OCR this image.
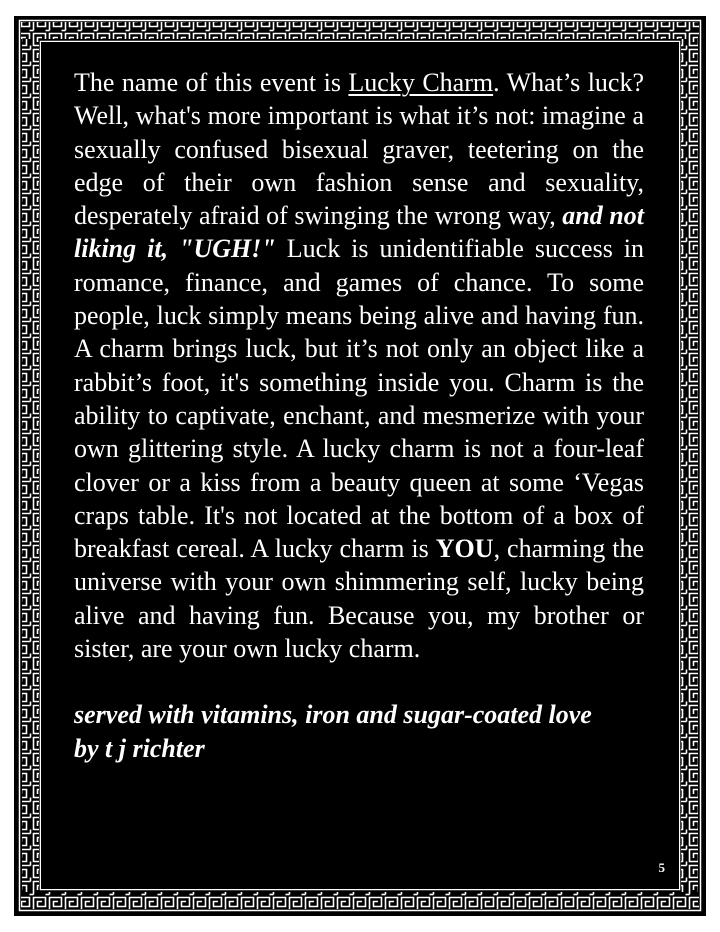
The name of this event is Lucky Charm. What’s luck? Well, what's more important is what it’s not: imagine a sexually confused bisexual graver, teetering on the edge of their own fashion sense and sexuality, desperately afraid of swinging the wrong way, and not liking it, "UGH!" Luck is unidentifiable success in romance, finance, and games of chance. To some people, luck simply means being alive and having fun. A charm brings luck, but it’s not only an object like a rabbit’s foot, it's something inside you. Charm is the ability to captivate, enchant, and mesmerize with your own glittering style. A lucky charm is not a four-leaf clover or a kiss from a beauty queen at some ‘Vegas craps table. It's not located at the bottom of a box of breakfast cereal. A lucky charm is YOU, charming the universe with your own shimmering self, lucky being alive and having fun. Because you, my brother or sister, are your own lucky charm.

served with vitamins, iron and sugar-coated love
by t j richter

5
